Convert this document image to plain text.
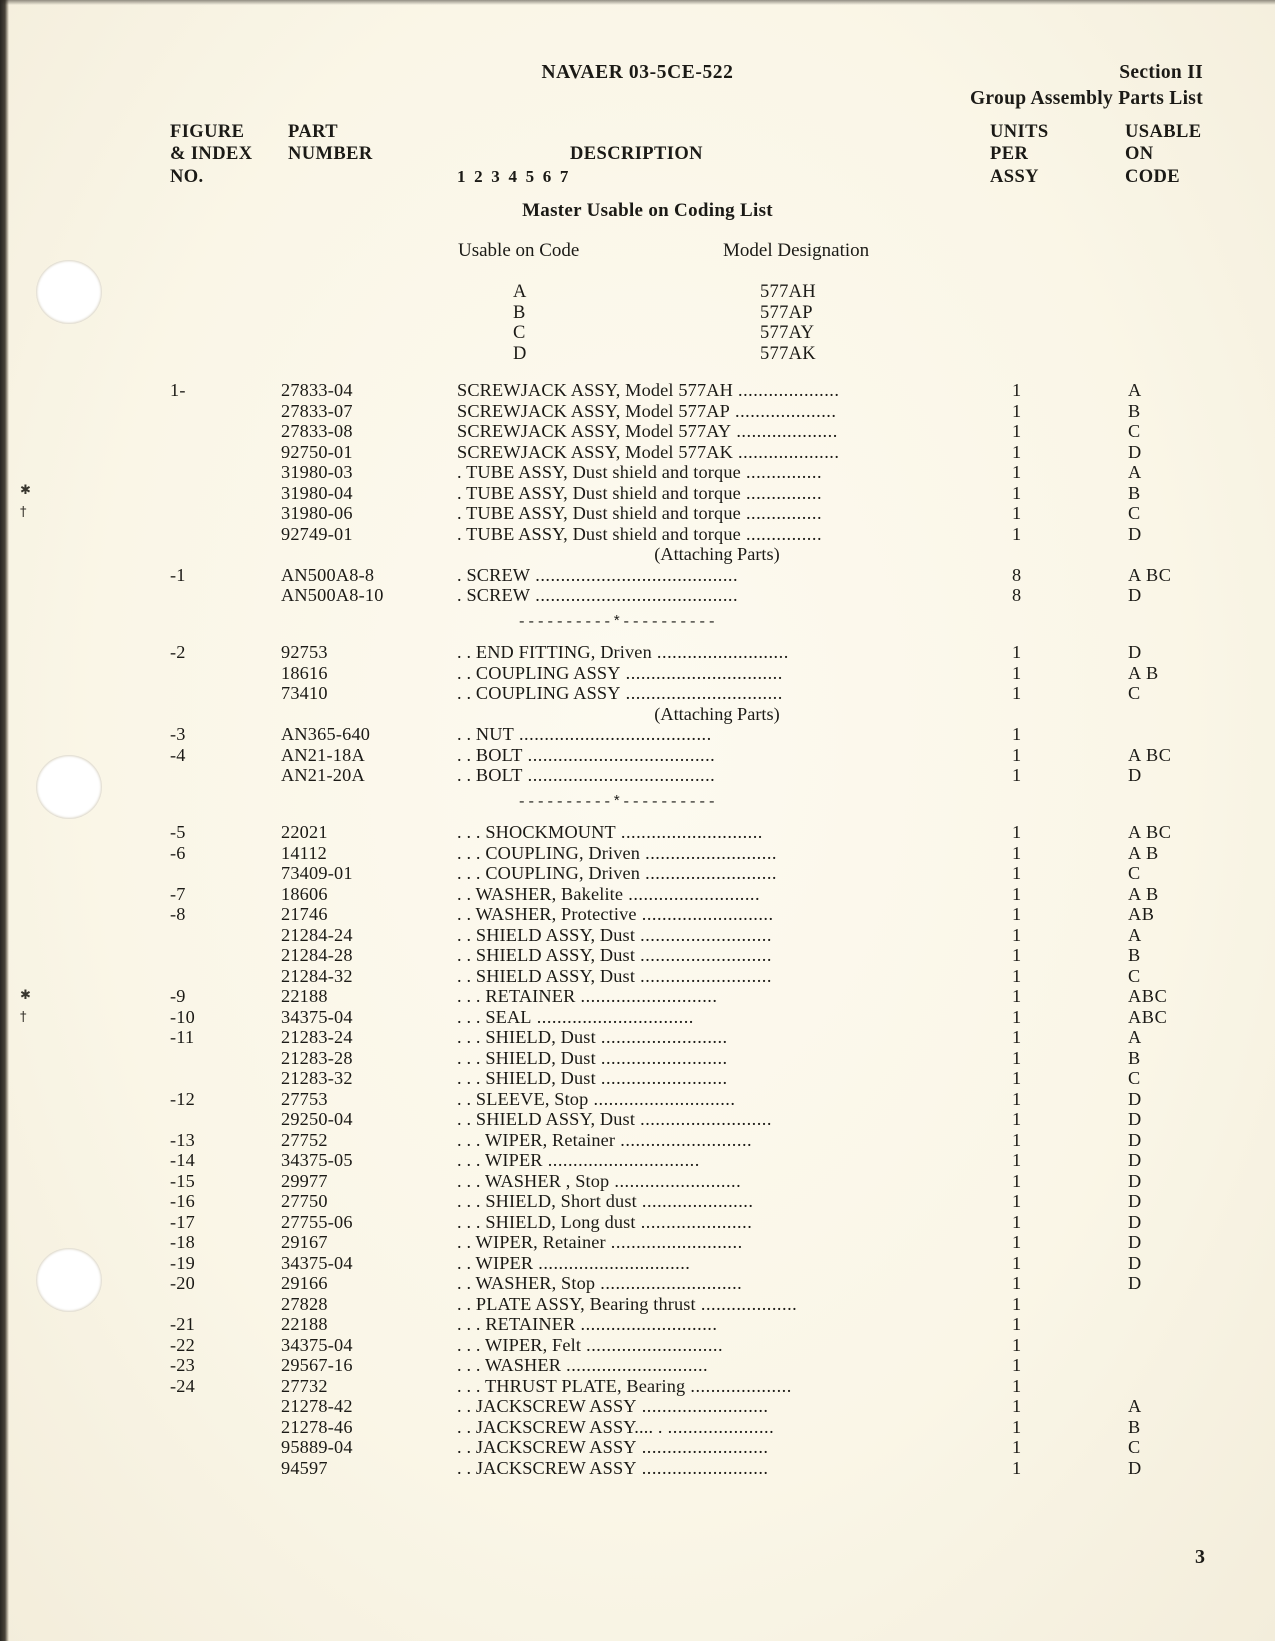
✱
†
✱
†
NAVAER 03-5CE-522	Section II
Group Assembly Parts List
FIGURE
& INDEX
NO.
PART
NUMBER	DESCRIPTION
1 2 3 4 5 6 7
UNITS
PER
ASSY
USABLE
ON
CODE
Master Usable on Coding List
Usable on Code	Model Designation
A	577AH
B	577AP
C	577AY
D	577AK
1-	27833-04	SCREWJACK ASSY, Model 577AH ....................	1	A
27833-07	SCREWJACK ASSY, Model 577AP ....................	1	B
27833-08	SCREWJACK ASSY, Model 577AY ....................	1	C
92750-01	SCREWJACK ASSY, Model 577AK ....................	1	D
31980-03	. TUBE ASSY, Dust shield and torque ...............	1	A
31980-04	. TUBE ASSY, Dust shield and torque ...............	1	B
31980-06	. TUBE ASSY, Dust shield and torque ...............	1	C
92749-01	. TUBE ASSY, Dust shield and torque ...............	1	D
(Attaching Parts)
-1	AN500A8-8	. SCREW ........................................	8	A BC
AN500A8-10	. SCREW ........................................	8	D
----------*----------
-2	92753	. . END FITTING, Driven ..........................	1	D
18616	. . COUPLING ASSY ...............................	1	A B
73410	. . COUPLING ASSY ...............................	1	C
(Attaching Parts)
-3	AN365-640	. . NUT ......................................	1
-4	AN21-18A	. . BOLT .....................................	1	A BC
AN21-20A	. . BOLT .....................................	1	D
----------*----------
-5	22021	. . . SHOCKMOUNT ............................	1	A BC
-6	14112	. . . COUPLING, Driven ..........................	1	A B
73409-01	. . . COUPLING, Driven ..........................	1	C
-7	18606	. . WASHER, Bakelite ..........................	1	A B
-8	21746	. . WASHER, Protective ..........................	1	AB
21284-24	. . SHIELD ASSY, Dust ..........................	1	A
21284-28	. . SHIELD ASSY, Dust ..........................	1	B
21284-32	. . SHIELD ASSY, Dust ..........................	1	C
-9	22188	. . . RETAINER ...........................	1	ABC
-10	34375-04	. . . SEAL ...............................	1	ABC
-11	21283-24	. . . SHIELD, Dust .........................	1	A
21283-28	. . . SHIELD, Dust .........................	1	B
21283-32	. . . SHIELD, Dust .........................	1	C
-12	27753	. . SLEEVE, Stop ............................	1	D
29250-04	. . SHIELD ASSY, Dust ..........................	1	D
-13	27752	. . . WIPER, Retainer ..........................	1	D
-14	34375-05	. . . WIPER ..............................	1	D
-15	29977	. . . WASHER , Stop .........................	1	D
-16	27750	. . . SHIELD, Short dust ......................	1	D
-17	27755-06	. . . SHIELD, Long dust ......................	1	D
-18	29167	. . WIPER, Retainer ..........................	1	D
-19	34375-04	. . WIPER ..............................	1	D
-20	29166	. . WASHER, Stop ............................	1	D
27828	. . PLATE ASSY, Bearing thrust ...................	1
-21	22188	. . . RETAINER ...........................	1
-22	34375-04	. . . WIPER, Felt ...........................	1
-23	29567-16	. . . WASHER ............................	1
-24	27732	. . . THRUST PLATE, Bearing ....................	1
21278-42	. . JACKSCREW ASSY .........................	1	A
21278-46	. . JACKSCREW ASSY.... . .....................	1	B
95889-04	. . JACKSCREW ASSY .........................	1	C
94597	. . JACKSCREW ASSY .........................	1	D
3
